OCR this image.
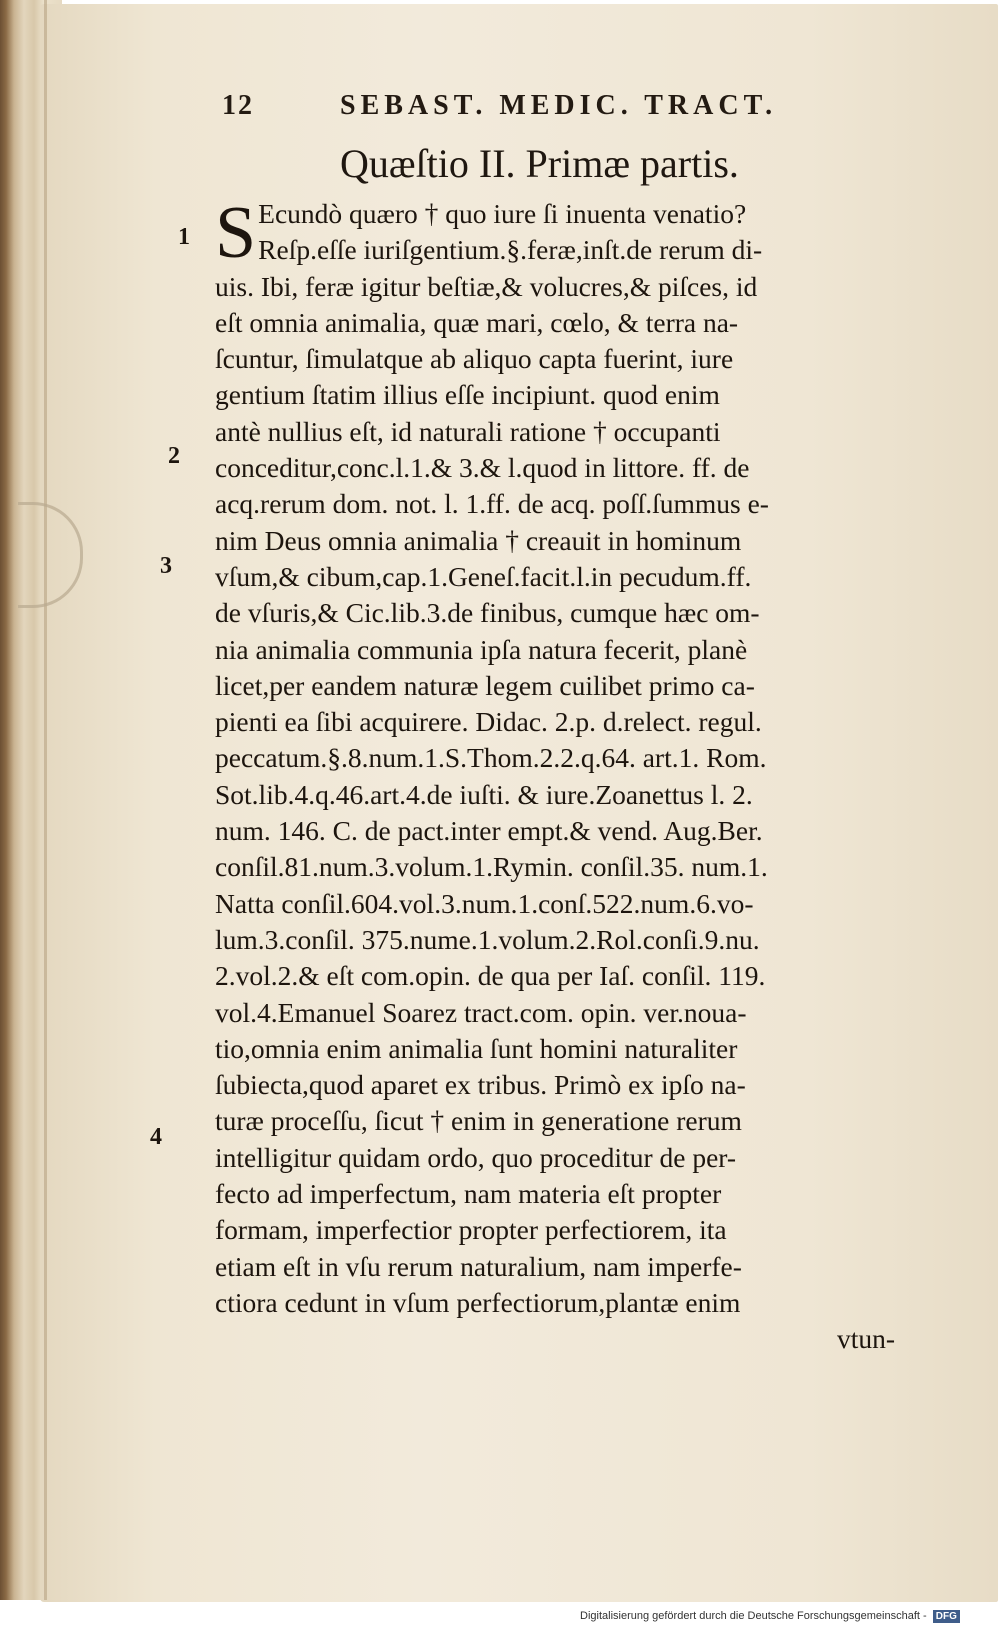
12	SEBAST. MEDIC. TRACT.
Quæſtio II. Primæ partis.
1
2
3
4
S Ecundò quæro † quo iure ſi inuenta venatio?
Reſp.eſſe iuriſgentium.§.feræ,inſt.de rerum di-
uis. Ibi, feræ igitur beſtiæ,& volucres,& piſces, id
eſt omnia animalia, quæ mari, cœlo, & terra na-
ſcuntur, ſimulatque ab aliquo capta fuerint, iure
gentium ſtatim illius eſſe incipiunt. quod enim
antè nullius eſt, id naturali ratione † occupanti
conceditur,conc.l.1.& 3.& l.quod in littore. ff. de
acq.rerum dom. not. l. 1.ff. de acq. poſſ.ſummus e-
nim Deus omnia animalia † creauit in hominum
vſum,& cibum,cap.1.Geneſ.facit.l.in pecudum.ff.
de vſuris,& Cic.lib.3.de finibus, cumque hæc om-
nia animalia communia ipſa natura fecerit, planè
licet,per eandem naturæ legem cuilibet primo ca-
pienti ea ſibi acquirere. Didac. 2.p. d.relect. regul.
peccatum.§.8.num.1.S.Thom.2.2.q.64. art.1. Rom.
Sot.lib.4.q.46.art.4.de iuſti. & iure.Zoanettus l. 2.
num. 146. C. de pact.inter empt.& vend. Aug.Ber.
conſil.81.num.3.volum.1.Rymin. conſil.35. num.1.
Natta conſil.604.vol.3.num.1.conſ.522.num.6.vo-
lum.3.conſil. 375.nume.1.volum.2.Rol.conſi.9.nu.
2.vol.2.& eſt com.opin. de qua per Iaſ. conſil. 119.
vol.4.Emanuel Soarez tract.com. opin. ver.noua-
tio,omnia enim animalia ſunt homini naturaliter
ſubiecta,quod aparet ex tribus. Primò ex ipſo na-
turæ proceſſu, ſicut † enim in generatione rerum
intelligitur quidam ordo, quo proceditur de per-
fecto ad imperfectum, nam materia eſt propter
formam, imperfectior propter perfectiorem, ita
etiam eſt in vſu rerum naturalium, nam imperfe-
ctiora cedunt in vſum perfectiorum,plantæ enim
vtun-
Digitalisierung gefördert durch die Deutsche Forschungsgemeinschaft - DFG
